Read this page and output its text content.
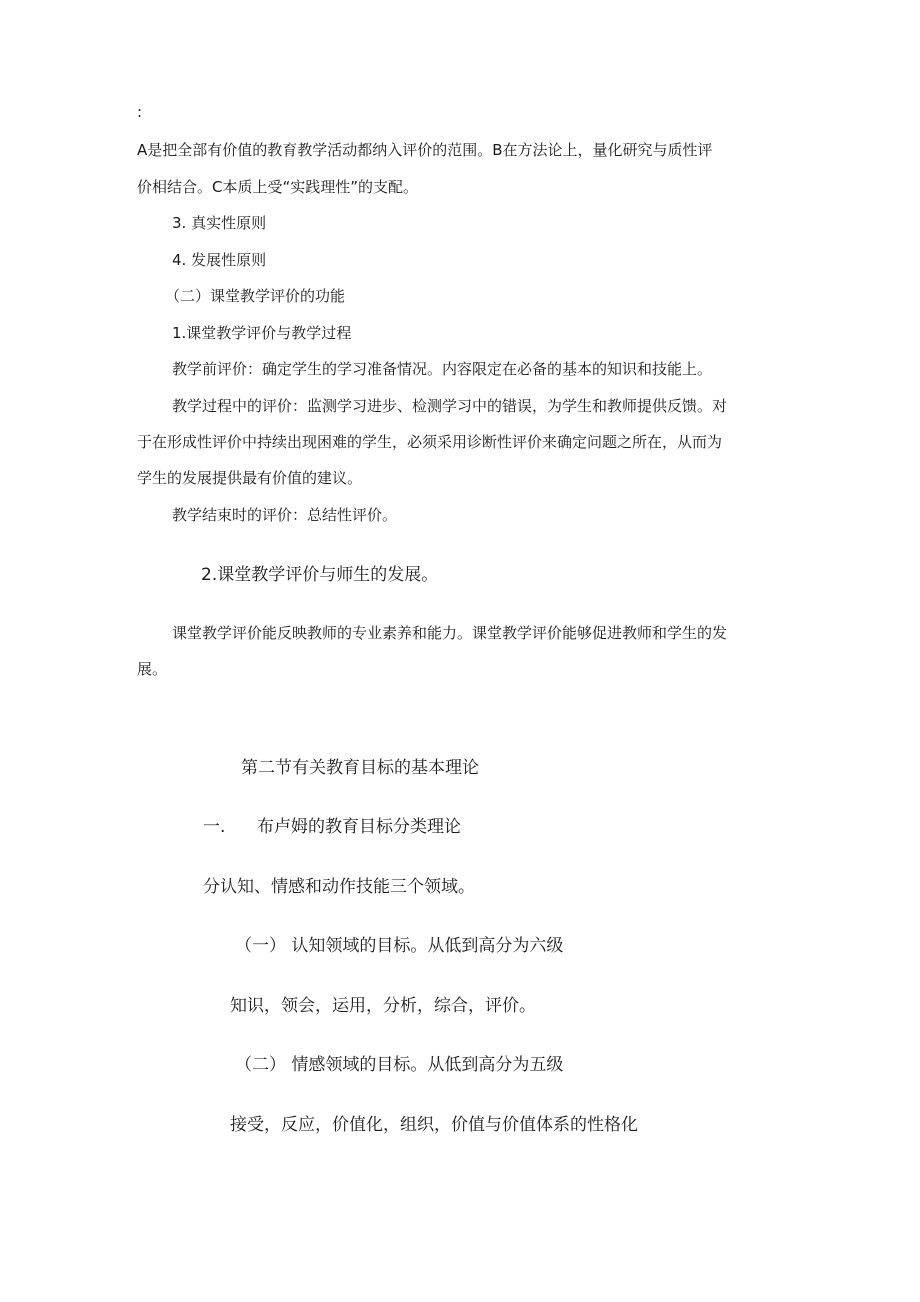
:

A是把全部有价值的教育教学活动都纳入评价的范围。B在方法论上，量化研究与质性评

价相结合。C本质上受“实践理性”的支配。

3. 真实性原则

4. 发展性原则

（二）课堂教学评价的功能

1.课堂教学评价与教学过程

教学前评价：确定学生的学习准备情况。内容限定在必备的基本的知识和技能上。

教学过程中的评价：监测学习进步、检测学习中的错误，为学生和教师提供反馈。对

于在形成性评价中持续出现困难的学生，必须采用诊断性评价来确定问题之所在，从而为

学生的发展提供最有价值的建议。

教学结束时的评价：总结性评价。

2.课堂教学评价与师生的发展。

课堂教学评价能反映教师的专业素养和能力。课堂教学评价能够促进教师和学生的发

展。

第二节有关教育目标的基本理论

一. 布卢姆的教育目标分类理论

分认知、情感和动作技能三个领域。

（一） 认知领域的目标。从低到高分为六级

知识，领会，运用，分析，综合，评价。

（二） 情感领域的目标。从低到高分为五级

接受，反应，价值化，组织，价值与价值体系的性格化
